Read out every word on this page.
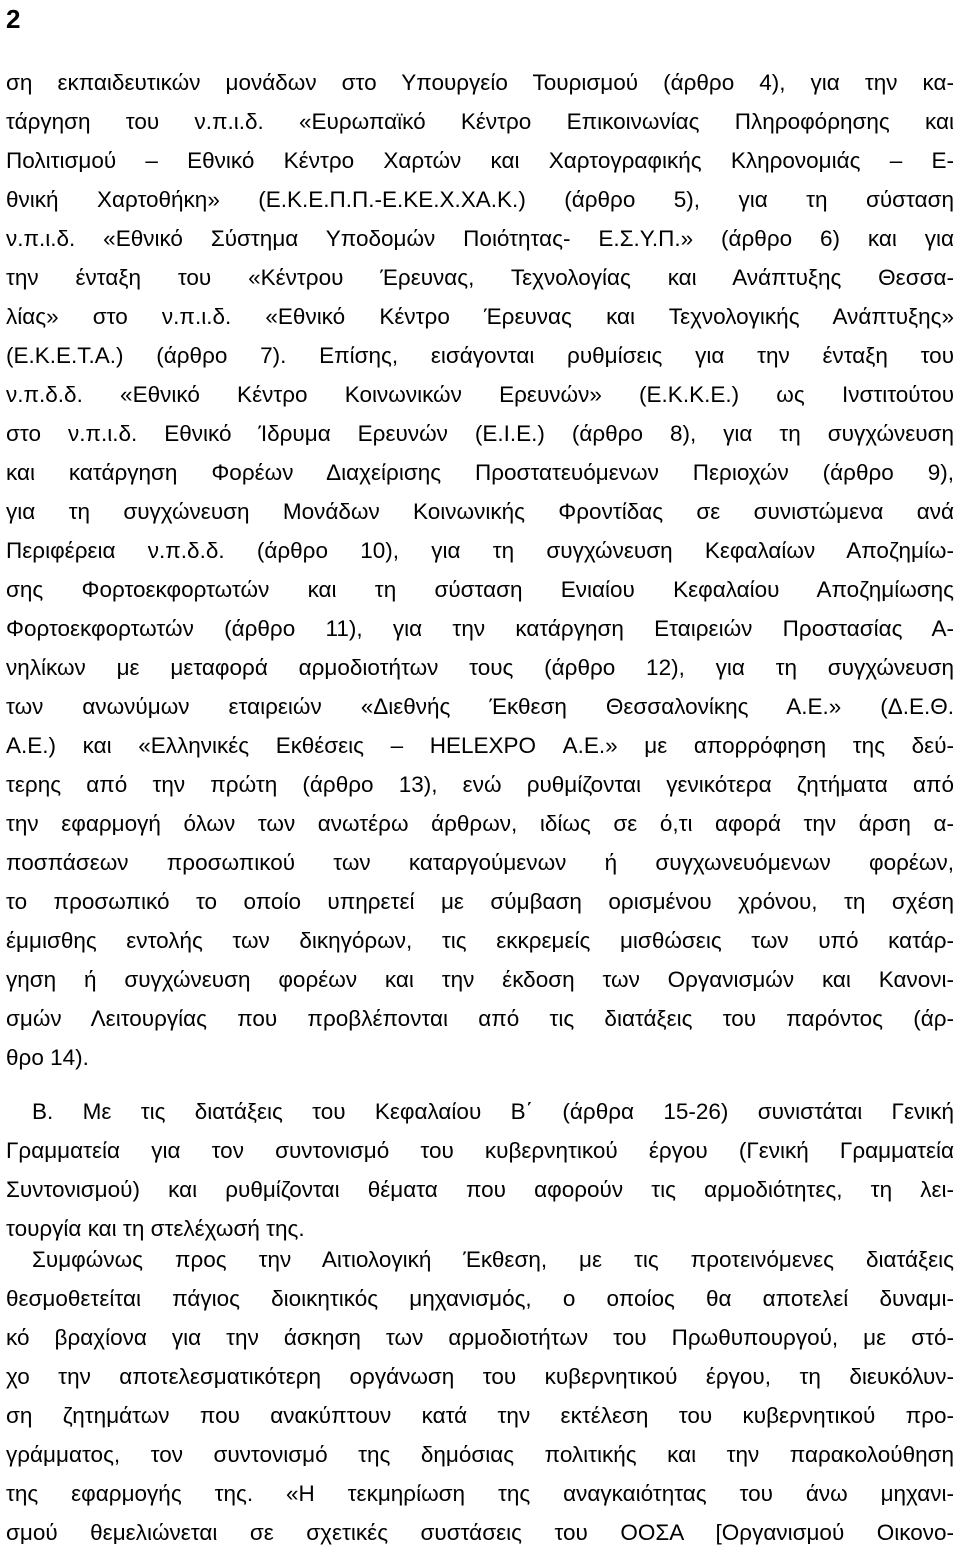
2
ση εκπαιδευτικών μονάδων στο Υπουργείο Τουρισμού (άρθρο 4), για την κα-
τάργηση του ν.π.ι.δ. «Ευρωπαϊκό Κέντρο Επικοινωνίας Πληροφόρησης και
Πολιτισμού – Εθνικό Κέντρο Χαρτών και Χαρτογραφικής Κληρονομιάς – Ε-
θνική Χαρτοθήκη» (Ε.Κ.Ε.Π.Π.-Ε.ΚΕ.Χ.ΧΑ.Κ.) (άρθρο 5), για τη σύσταση
ν.π.ι.δ. «Εθνικό Σύστημα Υποδομών Ποιότητας- Ε.Σ.Υ.Π.» (άρθρο 6) και για
την ένταξη του «Κέντρου Έρευνας, Τεχνολογίας και Ανάπτυξης Θεσσα-
λίας» στο ν.π.ι.δ. «Εθνικό Κέντρο Έρευνας και Τεχνολογικής Ανάπτυξης»
(Ε.Κ.Ε.Τ.Α.) (άρθρο 7). Επίσης, εισάγονται ρυθμίσεις για την ένταξη του
ν.π.δ.δ. «Εθνικό Κέντρο Κοινωνικών Ερευνών» (Ε.Κ.Κ.Ε.) ως Ινστιτούτου
στο ν.π.ι.δ. Εθνικό Ίδρυμα Ερευνών (Ε.Ι.Ε.) (άρθρο 8), για τη συγχώνευση
και κατάργηση Φορέων Διαχείρισης Προστατευόμενων Περιοχών (άρθρο 9),
για τη συγχώνευση Μονάδων Κοινωνικής Φροντίδας σε συνιστώμενα ανά
Περιφέρεια ν.π.δ.δ. (άρθρο 10), για τη συγχώνευση Κεφαλαίων Αποζημίω-
σης Φορτοεκφορτωτών και τη σύσταση Ενιαίου Κεφαλαίου Αποζημίωσης
Φορτοεκφορτωτών (άρθρο 11), για την κατάργηση Εταιρειών Προστασίας Α-
νηλίκων με μεταφορά αρμοδιοτήτων τους (άρθρο 12), για τη συγχώνευση
των ανωνύμων εταιρειών «Διεθνής Έκθεση Θεσσαλονίκης Α.Ε.» (Δ.Ε.Θ.
Α.Ε.) και «Ελληνικές Εκθέσεις – HELEXPO Α.Ε.» με απορρόφηση της δεύ-
τερης από την πρώτη (άρθρο 13), ενώ ρυθμίζονται γενικότερα ζητήματα από
την εφαρμογή όλων των ανωτέρω άρθρων, ιδίως σε ό,τι αφορά την άρση α-
ποσπάσεων προσωπικού των καταργούμενων ή συγχωνευόμενων φορέων,
το προσωπικό το οποίο υπηρετεί με σύμβαση ορισμένου χρόνου, τη σχέση
έμμισθης εντολής των δικηγόρων, τις εκκρεμείς μισθώσεις των υπό κατάρ-
γηση ή συγχώνευση φορέων και την έκδοση των Οργανισμών και Κανονι-
σμών Λειτουργίας που προβλέπονται από τις διατάξεις του παρόντος (άρ-
θρο 14).
Β. Με τις διατάξεις του Κεφαλαίου Β΄ (άρθρα 15-26) συνιστάται Γενική
Γραμματεία για τον συντονισμό του κυβερνητικού έργου (Γενική Γραμματεία
Συντονισμού) και ρυθμίζονται θέματα που αφορούν τις αρμοδιότητες, τη λει-
τουργία και τη στελέχωσή της.
Συμφώνως προς την Αιτιολογική Έκθεση, με τις προτεινόμενες διατάξεις
θεσμοθετείται πάγιος διοικητικός μηχανισμός, ο οποίος θα αποτελεί δυναμι-
κό βραχίονα για την άσκηση των αρμοδιοτήτων του Πρωθυπουργού, με στό-
χο την αποτελεσματικότερη οργάνωση του κυβερνητικού έργου, τη διευκόλυν-
ση ζητημάτων που ανακύπτουν κατά την εκτέλεση του κυβερνητικού προ-
γράμματος, τον συντονισμό της δημόσιας πολιτικής και την παρακολούθηση
της εφαρμογής της. «Η τεκμηρίωση της αναγκαιότητας του άνω μηχανι-
σμού θεμελιώνεται σε σχετικές συστάσεις του ΟΟΣΑ [Οργανισμού Οικονο-
